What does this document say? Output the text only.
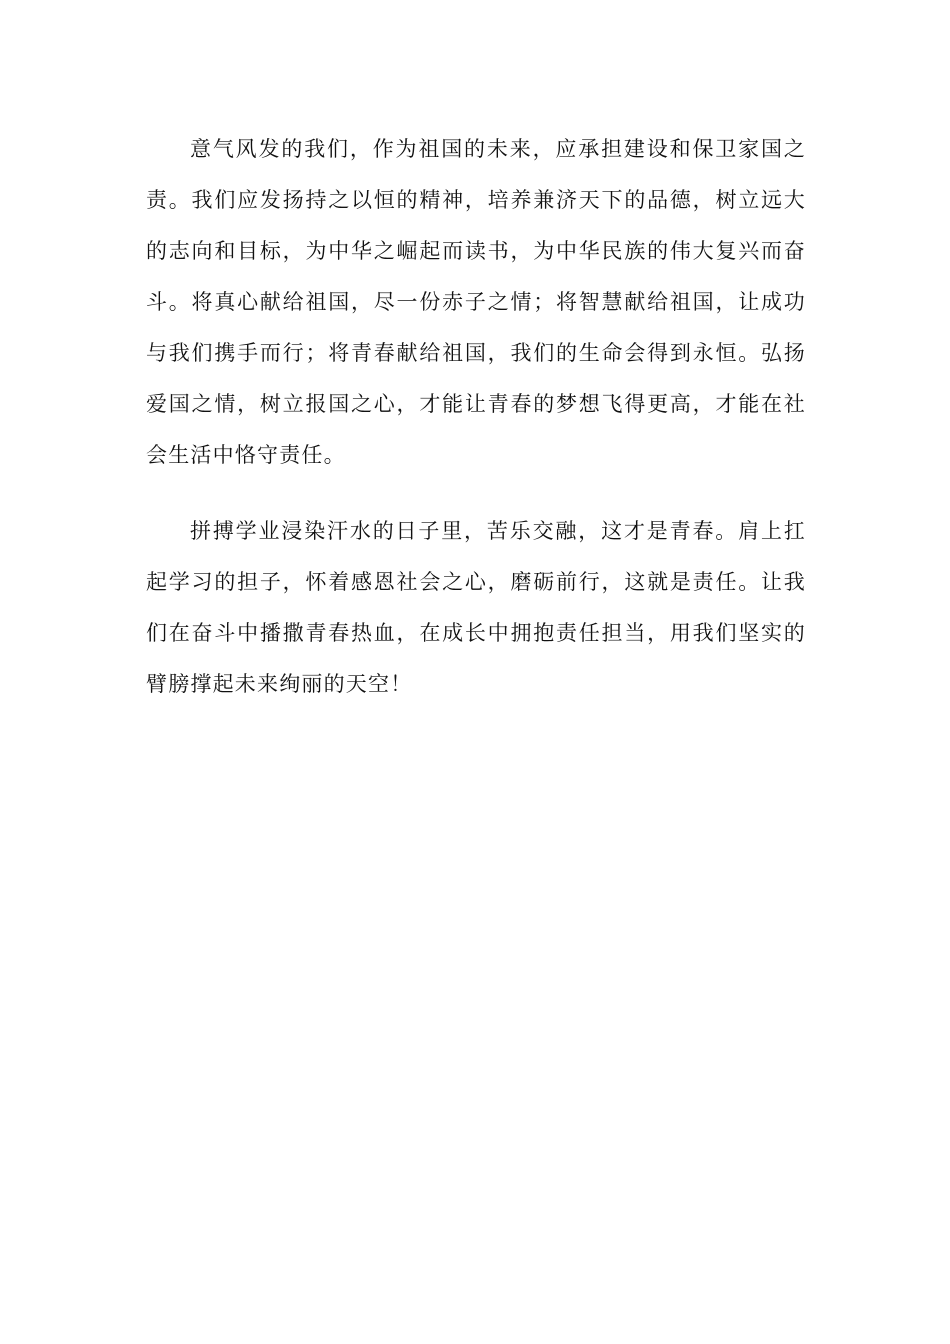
意气风发的我们，作为祖国的未来，应承担建设和保卫家国之责。我们应发扬持之以恒的精神，培养兼济天下的品德，树立远大的志向和目标，为中华之崛起而读书，为中华民族的伟大复兴而奋斗。将真心献给祖国，尽一份赤子之情；将智慧献给祖国，让成功与我们携手而行；将青春献给祖国，我们的生命会得到永恒。弘扬爱国之情，树立报国之心，才能让青春的梦想飞得更高，才能在社会生活中恪守责任。

拼搏学业浸染汗水的日子里，苦乐交融，这才是青春。肩上扛起学习的担子，怀着感恩社会之心，磨砺前行，这就是责任。让我们在奋斗中播撒青春热血，在成长中拥抱责任担当，用我们坚实的臂膀撑起未来绚丽的天空！
